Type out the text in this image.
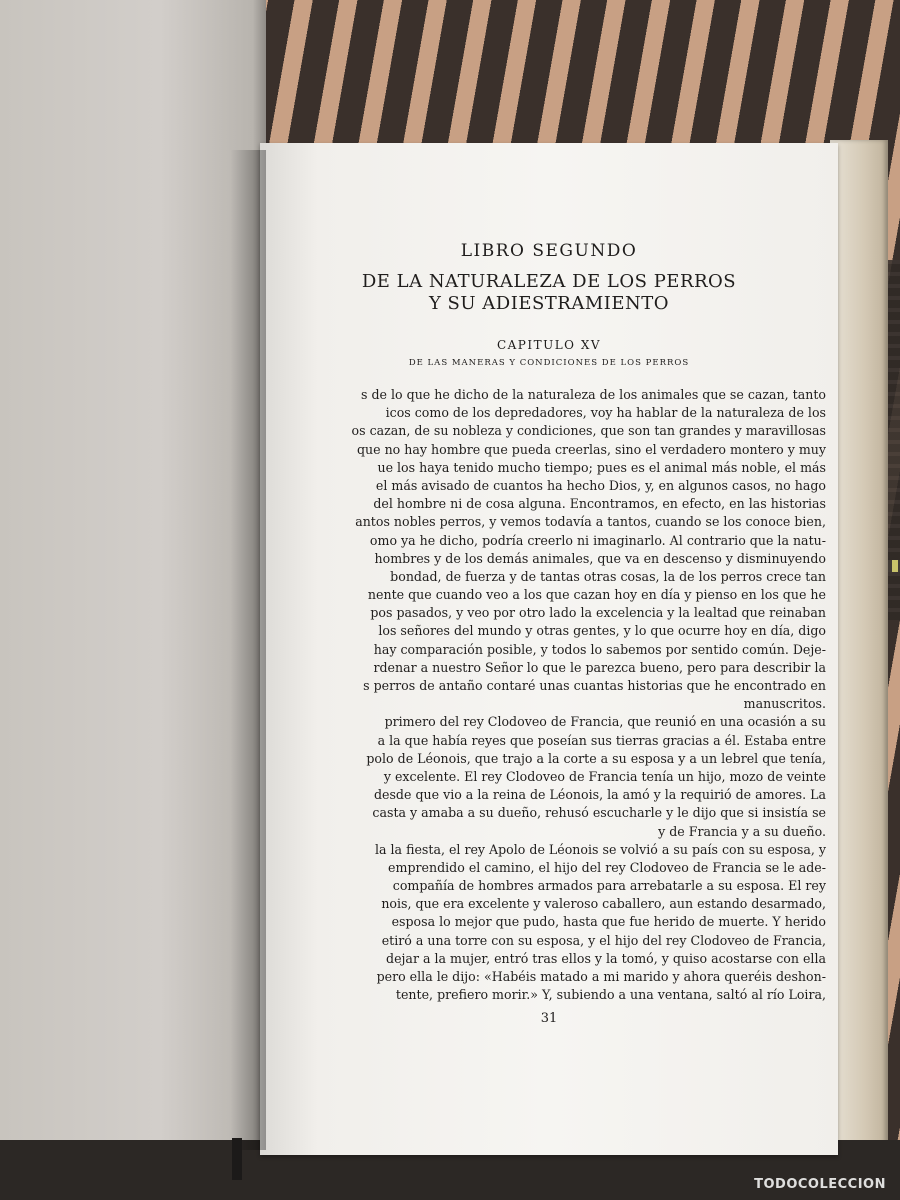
LIBRO SEGUNDO
DE LA NATURALEZA DE LOS PERROS
Y SU ADIESTRAMIENTO
CAPITULO XV
DE LAS MANERAS Y CONDICIONES DE LOS PERROS
s de lo que he dicho de la naturaleza de los animales que se cazan, tanto
icos como de los depredadores, voy ha hablar de la naturaleza de los
os cazan, de su nobleza y condiciones, que son tan grandes y maravillosas
que no hay hombre que pueda creerlas, sino el verdadero montero y muy
ue los haya tenido mucho tiempo; pues es el animal más noble, el más
el más avisado de cuantos ha hecho Dios, y, en algunos casos, no hago
del hombre ni de cosa alguna. Encontramos, en efecto, en las historias
antos nobles perros, y vemos todavía a tantos, cuando se los conoce bien,
omo ya he dicho, podría creerlo ni imaginarlo. Al contrario que la natu-
hombres y de los demás animales, que va en descenso y disminuyendo
bondad, de fuerza y de tantas otras cosas, la de los perros crece tan
nente que cuando veo a los que cazan hoy en día y pienso en los que he
pos pasados, y veo por otro lado la excelencia y la lealtad que reinaban
los señores del mundo y otras gentes, y lo que ocurre hoy en día, digo
hay comparación posible, y todos lo sabemos por sentido común. Deje-
rdenar a nuestro Señor lo que le parezca bueno, pero para describir la
s perros de antaño contaré unas cuantas historias que he encontrado en
manuscritos.
primero del rey Clodoveo de Francia, que reunió en una ocasión a su
a la que había reyes que poseían sus tierras gracias a él. Estaba entre
polo de Léonois, que trajo a la corte a su esposa y a un lebrel que tenía,
y excelente. El rey Clodoveo de Francia tenía un hijo, mozo de veinte
desde que vio a la reina de Léonois, la amó y la requirió de amores. La
casta y amaba a su dueño, rehusó escucharle y le dijo que si insistía se
y de Francia y a su dueño.
la la fiesta, el rey Apolo de Léonois se volvió a su país con su esposa, y
emprendido el camino, el hijo del rey Clodoveo de Francia se le ade-
compañía de hombres armados para arrebatarle a su esposa. El rey
nois, que era excelente y valeroso caballero, aun estando desarmado,
esposa lo mejor que pudo, hasta que fue herido de muerte. Y herido
etiró a una torre con su esposa, y el hijo del rey Clodoveo de Francia,
dejar a la mujer, entró tras ellos y la tomó, y quiso acostarse con ella
pero ella le dijo: «Habéis matado a mi marido y ahora queréis deshon-
tente, prefiero morir.» Y, subiendo a una ventana, saltó al río Loira,
31
TODOCOLECCION
